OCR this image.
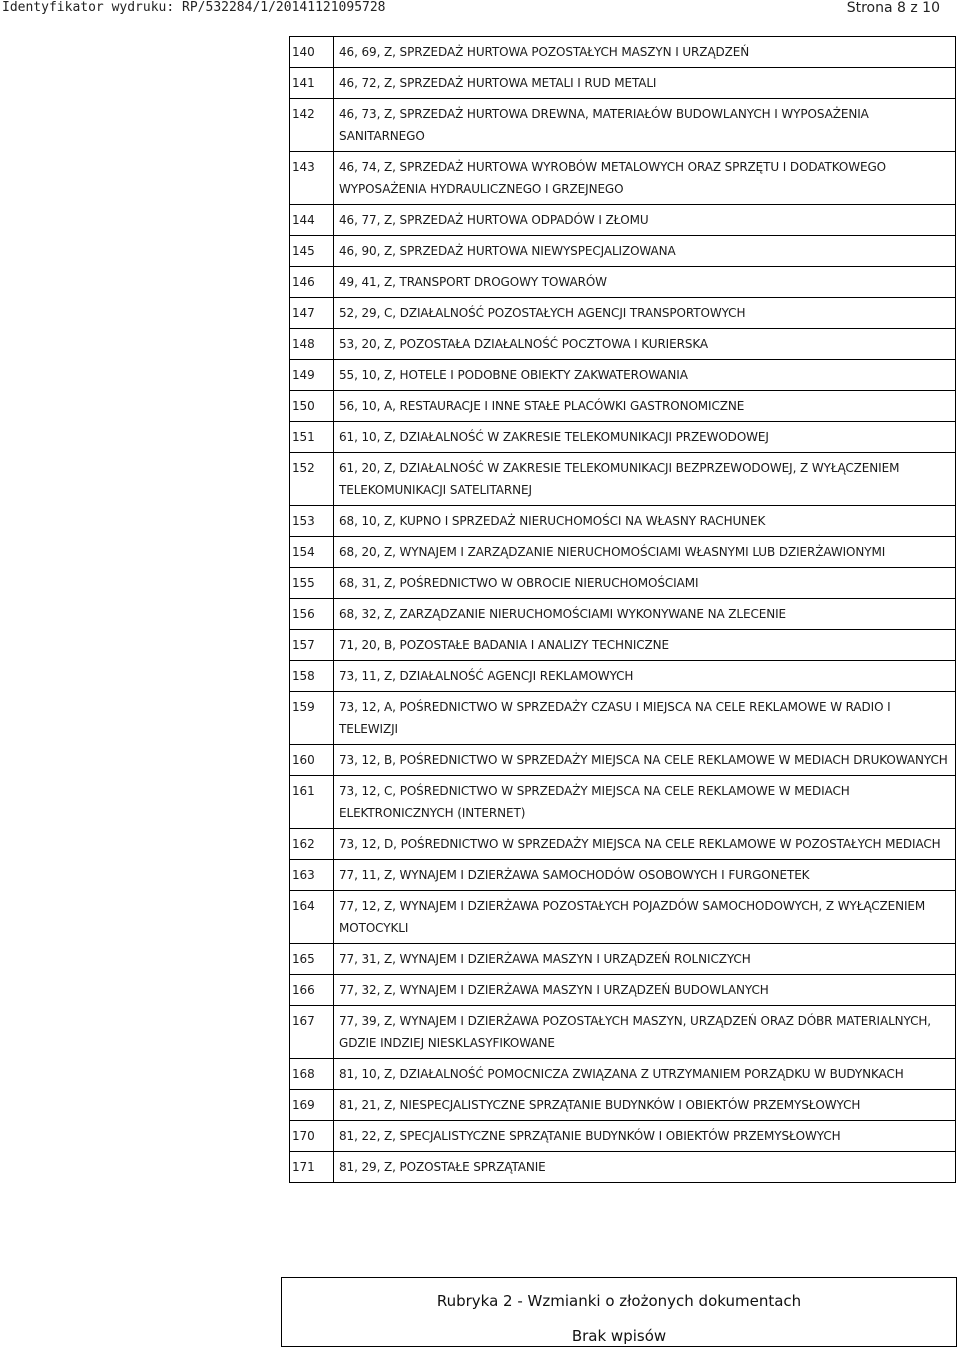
Identyfikator wydruku: RP/532284/1/20141121095728	Strona 8 z 10
140	46, 69, Z, SPRZEDAŻ HURTOWA POZOSTAŁYCH MASZYN I URZĄDZEŃ
141	46, 72, Z, SPRZEDAŻ HURTOWA METALI I RUD METALI
142	46, 73, Z, SPRZEDAŻ HURTOWA DREWNA, MATERIAŁÓW BUDOWLANYCH I WYPOSAŻENIA SANITARNEGO
143	46, 74, Z, SPRZEDAŻ HURTOWA WYROBÓW METALOWYCH ORAZ SPRZĘTU I DODATKOWEGO WYPOSAŻENIA HYDRAULICZNEGO I GRZEJNEGO
144	46, 77, Z, SPRZEDAŻ HURTOWA ODPADÓW I ZŁOMU
145	46, 90, Z, SPRZEDAŻ HURTOWA NIEWYSPECJALIZOWANA
146	49, 41, Z, TRANSPORT DROGOWY TOWARÓW
147	52, 29, C, DZIAŁALNOŚĆ POZOSTAŁYCH AGENCJI TRANSPORTOWYCH
148	53, 20, Z, POZOSTAŁA DZIAŁALNOŚĆ POCZTOWA I KURIERSKA
149	55, 10, Z, HOTELE I PODOBNE OBIEKTY ZAKWATEROWANIA
150	56, 10, A, RESTAURACJE I INNE STAŁE PLACÓWKI GASTRONOMICZNE
151	61, 10, Z, DZIAŁALNOŚĆ W ZAKRESIE TELEKOMUNIKACJI PRZEWODOWEJ
152	61, 20, Z, DZIAŁALNOŚĆ W ZAKRESIE TELEKOMUNIKACJI BEZPRZEWODOWEJ, Z WYŁĄCZENIEM TELEKOMUNIKACJI SATELITARNEJ
153	68, 10, Z, KUPNO I SPRZEDAŻ NIERUCHOMOŚCI NA WŁASNY RACHUNEK
154	68, 20, Z, WYNAJEM I ZARZĄDZANIE NIERUCHOMOŚCIAMI WŁASNYMI LUB DZIERŻAWIONYMI
155	68, 31, Z, POŚREDNICTWO W OBROCIE NIERUCHOMOŚCIAMI
156	68, 32, Z, ZARZĄDZANIE NIERUCHOMOŚCIAMI WYKONYWANE NA ZLECENIE
157	71, 20, B, POZOSTAŁE BADANIA I ANALIZY TECHNICZNE
158	73, 11, Z, DZIAŁALNOŚĆ AGENCJI REKLAMOWYCH
159	73, 12, A, POŚREDNICTWO W SPRZEDAŻY CZASU I MIEJSCA NA CELE REKLAMOWE W RADIO I TELEWIZJI
160	73, 12, B, POŚREDNICTWO W SPRZEDAŻY MIEJSCA NA CELE REKLAMOWE W MEDIACH DRUKOWANYCH
161	73, 12, C, POŚREDNICTWO W SPRZEDAŻY MIEJSCA NA CELE REKLAMOWE W MEDIACH ELEKTRONICZNYCH (INTERNET)
162	73, 12, D, POŚREDNICTWO W SPRZEDAŻY MIEJSCA NA CELE REKLAMOWE W POZOSTAŁYCH MEDIACH
163	77, 11, Z, WYNAJEM I DZIERŻAWA SAMOCHODÓW OSOBOWYCH I FURGONETEK
164	77, 12, Z, WYNAJEM I DZIERŻAWA POZOSTAŁYCH POJAZDÓW SAMOCHODOWYCH, Z WYŁĄCZENIEM MOTOCYKLI
165	77, 31, Z, WYNAJEM I DZIERŻAWA MASZYN I URZĄDZEŃ ROLNICZYCH
166	77, 32, Z, WYNAJEM I DZIERŻAWA MASZYN I URZĄDZEŃ BUDOWLANYCH
167	77, 39, Z, WYNAJEM I DZIERŻAWA POZOSTAŁYCH MASZYN, URZĄDZEŃ ORAZ DÓBR MATERIALNYCH, GDZIE INDZIEJ NIESKLASYFIKOWANE
168	81, 10, Z, DZIAŁALNOŚĆ POMOCNICZA ZWIĄZANA Z UTRZYMANIEM PORZĄDKU W BUDYNKACH
169	81, 21, Z, NIESPECJALISTYCZNE SPRZĄTANIE BUDYNKÓW I OBIEKTÓW PRZEMYSŁOWYCH
170	81, 22, Z, SPECJALISTYCZNE SPRZĄTANIE BUDYNKÓW I OBIEKTÓW PRZEMYSŁOWYCH
171	81, 29, Z, POZOSTAŁE SPRZĄTANIE
Rubryka 2 - Wzmianki o złożonych dokumentach
Brak wpisów
